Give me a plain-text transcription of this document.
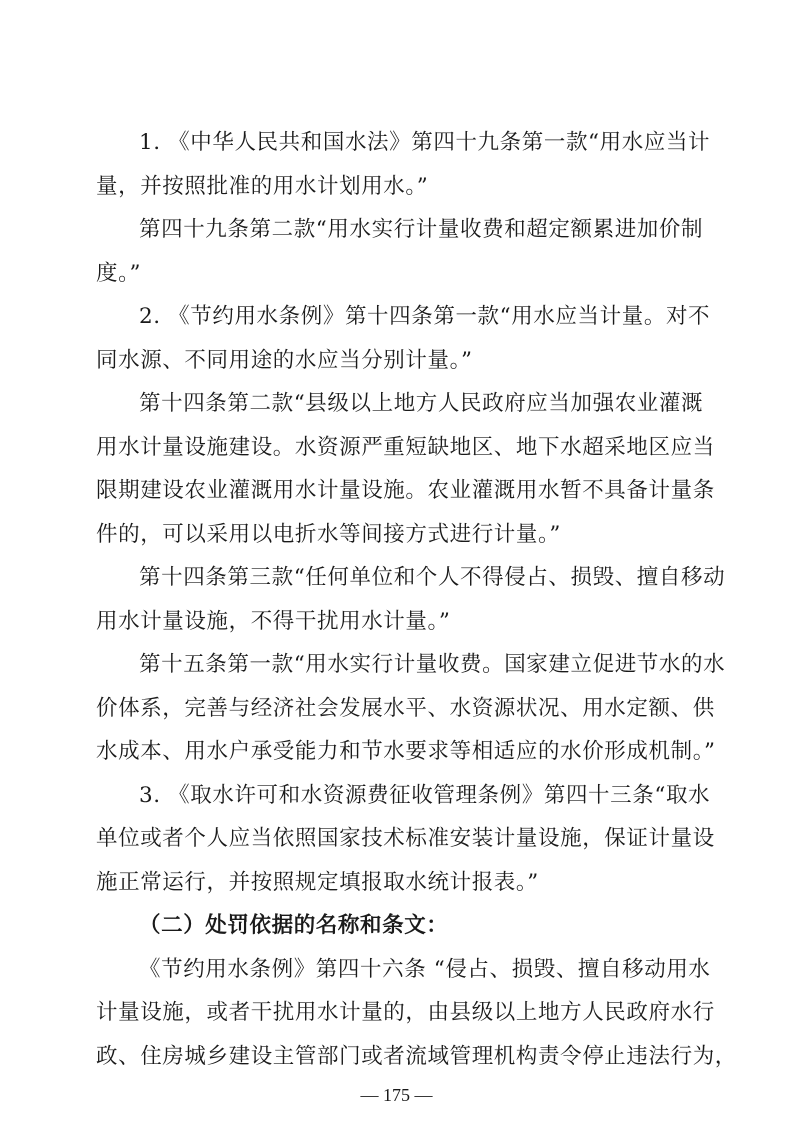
1. 《中华人民共和国水法》第四十九条第一款“用水应当计
量，并按照批准的用水计划用水。”
第四十九条第二款“用水实行计量收费和超定额累进加价制
度。”
2. 《节约用水条例》第十四条第一款“用水应当计量。对不
同水源、不同用途的水应当分别计量。”
第十四条第二款“县级以上地方人民政府应当加强农业灌溉
用水计量设施建设。水资源严重短缺地区、地下水超采地区应当
限期建设农业灌溉用水计量设施。农业灌溉用水暂不具备计量条
件的，可以采用以电折水等间接方式进行计量。”
第十四条第三款“任何单位和个人不得侵占、损毁、擅自移动
用水计量设施，不得干扰用水计量。”
第十五条第一款“用水实行计量收费。国家建立促进节水的水
价体系，完善与经济社会发展水平、水资源状况、用水定额、供
水成本、用水户承受能力和节水要求等相适应的水价形成机制。”
3. 《取水许可和水资源费征收管理条例》第四十三条“取水
单位或者个人应当依照国家技术标准安装计量设施，保证计量设
施正常运行，并按照规定填报取水统计报表。”
（二）处罚依据的名称和条文：
《节约用水条例》第四十六条 “侵占、损毁、擅自移动用水
计量设施，或者干扰用水计量的，由县级以上地方人民政府水行
政、住房城乡建设主管部门或者流域管理机构责令停止违法行为，
— 175 —
